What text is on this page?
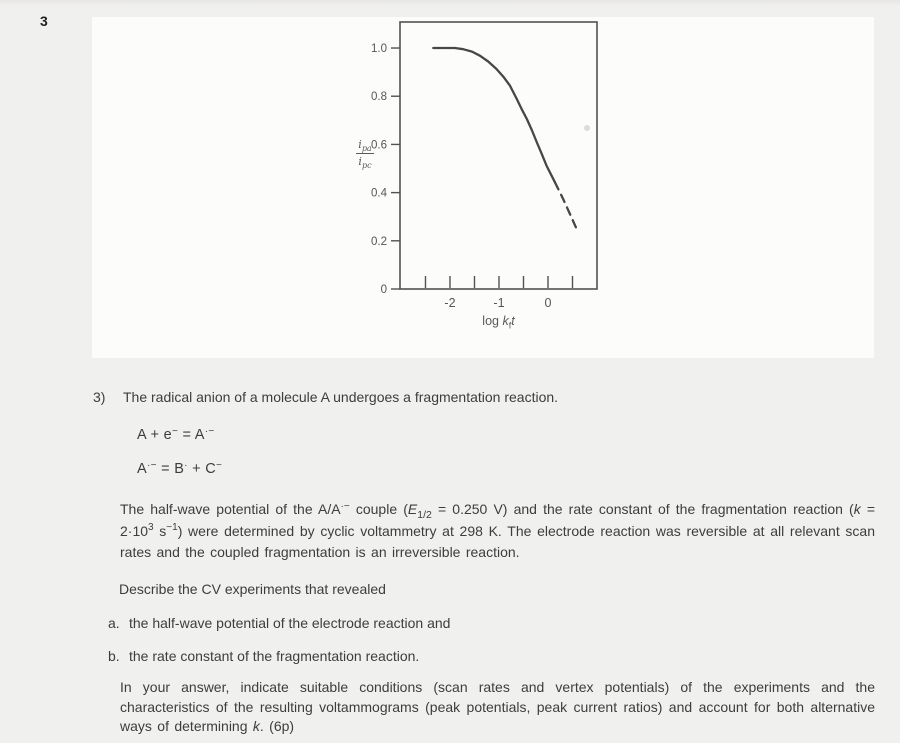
3
-2	-1	0
0
0.2
0.4
0.6
0.8
1.0
$i_{pa}$
$i_{pc}$
$\log k_ft$
3) The radical anion of a molecule A undergoes a fragmentation reaction.
A + e− = A·−
A·− = B· + C−
The half-wave potential of the A/A·− couple ($E_{1/2} = 0.250$ V) and the rate constant of the fragmentation reaction ($k = 2\cdot 10^3$ $s^{-1}$) were determined by cyclic voltammetry at 298 K. The electrode reaction was reversible at all relevant scan rates and the coupled fragmentation is an irreversible reaction.
Describe the CV experiments that revealed
a. the half-wave potential of the electrode reaction and
b. the rate constant of the fragmentation reaction.
In your answer, indicate suitable conditions (scan rates and vertex potentials) of the experiments and the characteristics of the resulting voltammograms (peak potentials, peak current ratios) and account for both alternative ways of determining k. (6p)
